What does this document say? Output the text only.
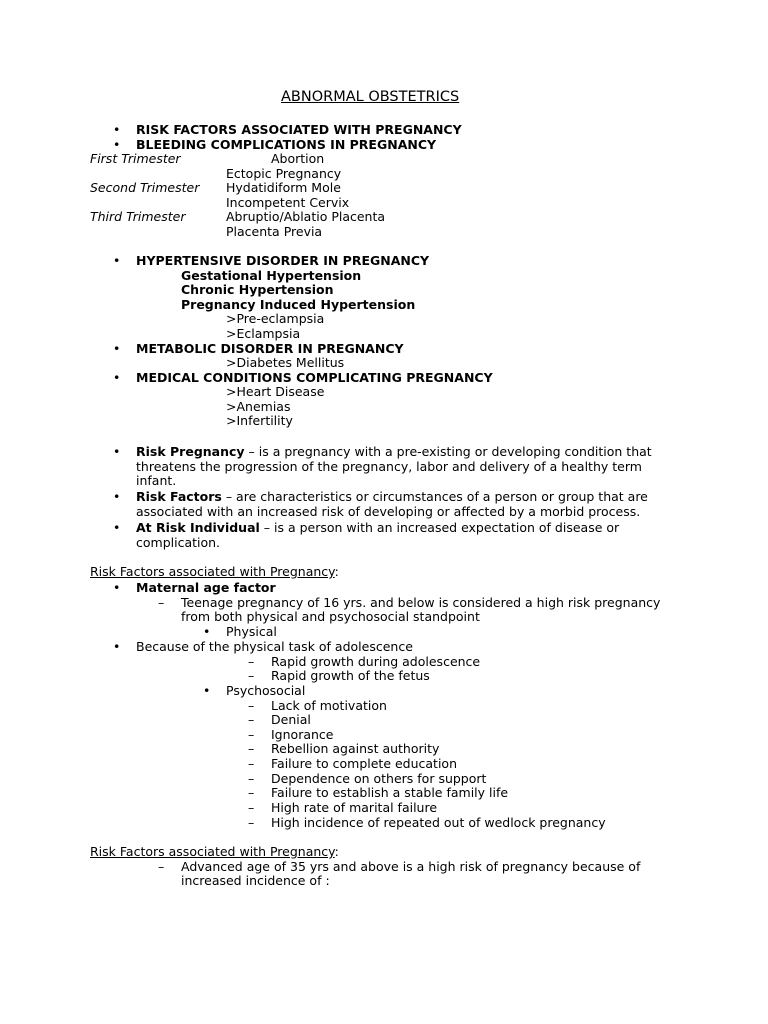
ABNORMAL OBSTETRICS
• RISK FACTORS ASSOCIATED WITH PREGNANCY
• BLEEDING COMPLICATIONS IN PREGNANCY
First Trimester	Abortion
Ectopic Pregnancy
Second Trimester Hydatidiform Mole
Incompetent Cervix
Third Trimester	Abruptio/Ablatio Placenta
Placenta Previa
• HYPERTENSIVE DISORDER IN PREGNANCY
Gestational Hypertension
Chronic Hypertension
Pregnancy Induced Hypertension
>Pre-eclampsia
>Eclampsia
• METABOLIC DISORDER IN PREGNANCY
>Diabetes Mellitus
• MEDICAL CONDITIONS COMPLICATING PREGNANCY
>Heart Disease
>Anemias
>Infertility
• Risk Pregnancy – is a pregnancy with a pre-existing or developing condition that
threatens the progression of the pregnancy, labor and delivery of a healthy term
infant.
• Risk Factors – are characteristics or circumstances of a person or group that are
associated with an increased risk of developing or affected by a morbid process.
• At Risk Individual – is a person with an increased expectation of disease or
complication.
Risk Factors associated with Pregnancy:
• Maternal age factor
– Teenage pregnancy of 16 yrs. and below is considered a high risk pregnancy
from both physical and psychosocial standpoint
• Physical
• Because of the physical task of adolescence
– Rapid growth during adolescence
– Rapid growth of the fetus
• Psychosocial
– Lack of motivation
– Denial
– Ignorance
– Rebellion against authority
– Failure to complete education
– Dependence on others for support
– Failure to establish a stable family life
– High rate of marital failure
– High incidence of repeated out of wedlock pregnancy
Risk Factors associated with Pregnancy:
– Advanced age of 35 yrs and above is a high risk of pregnancy because of
increased incidence of :
